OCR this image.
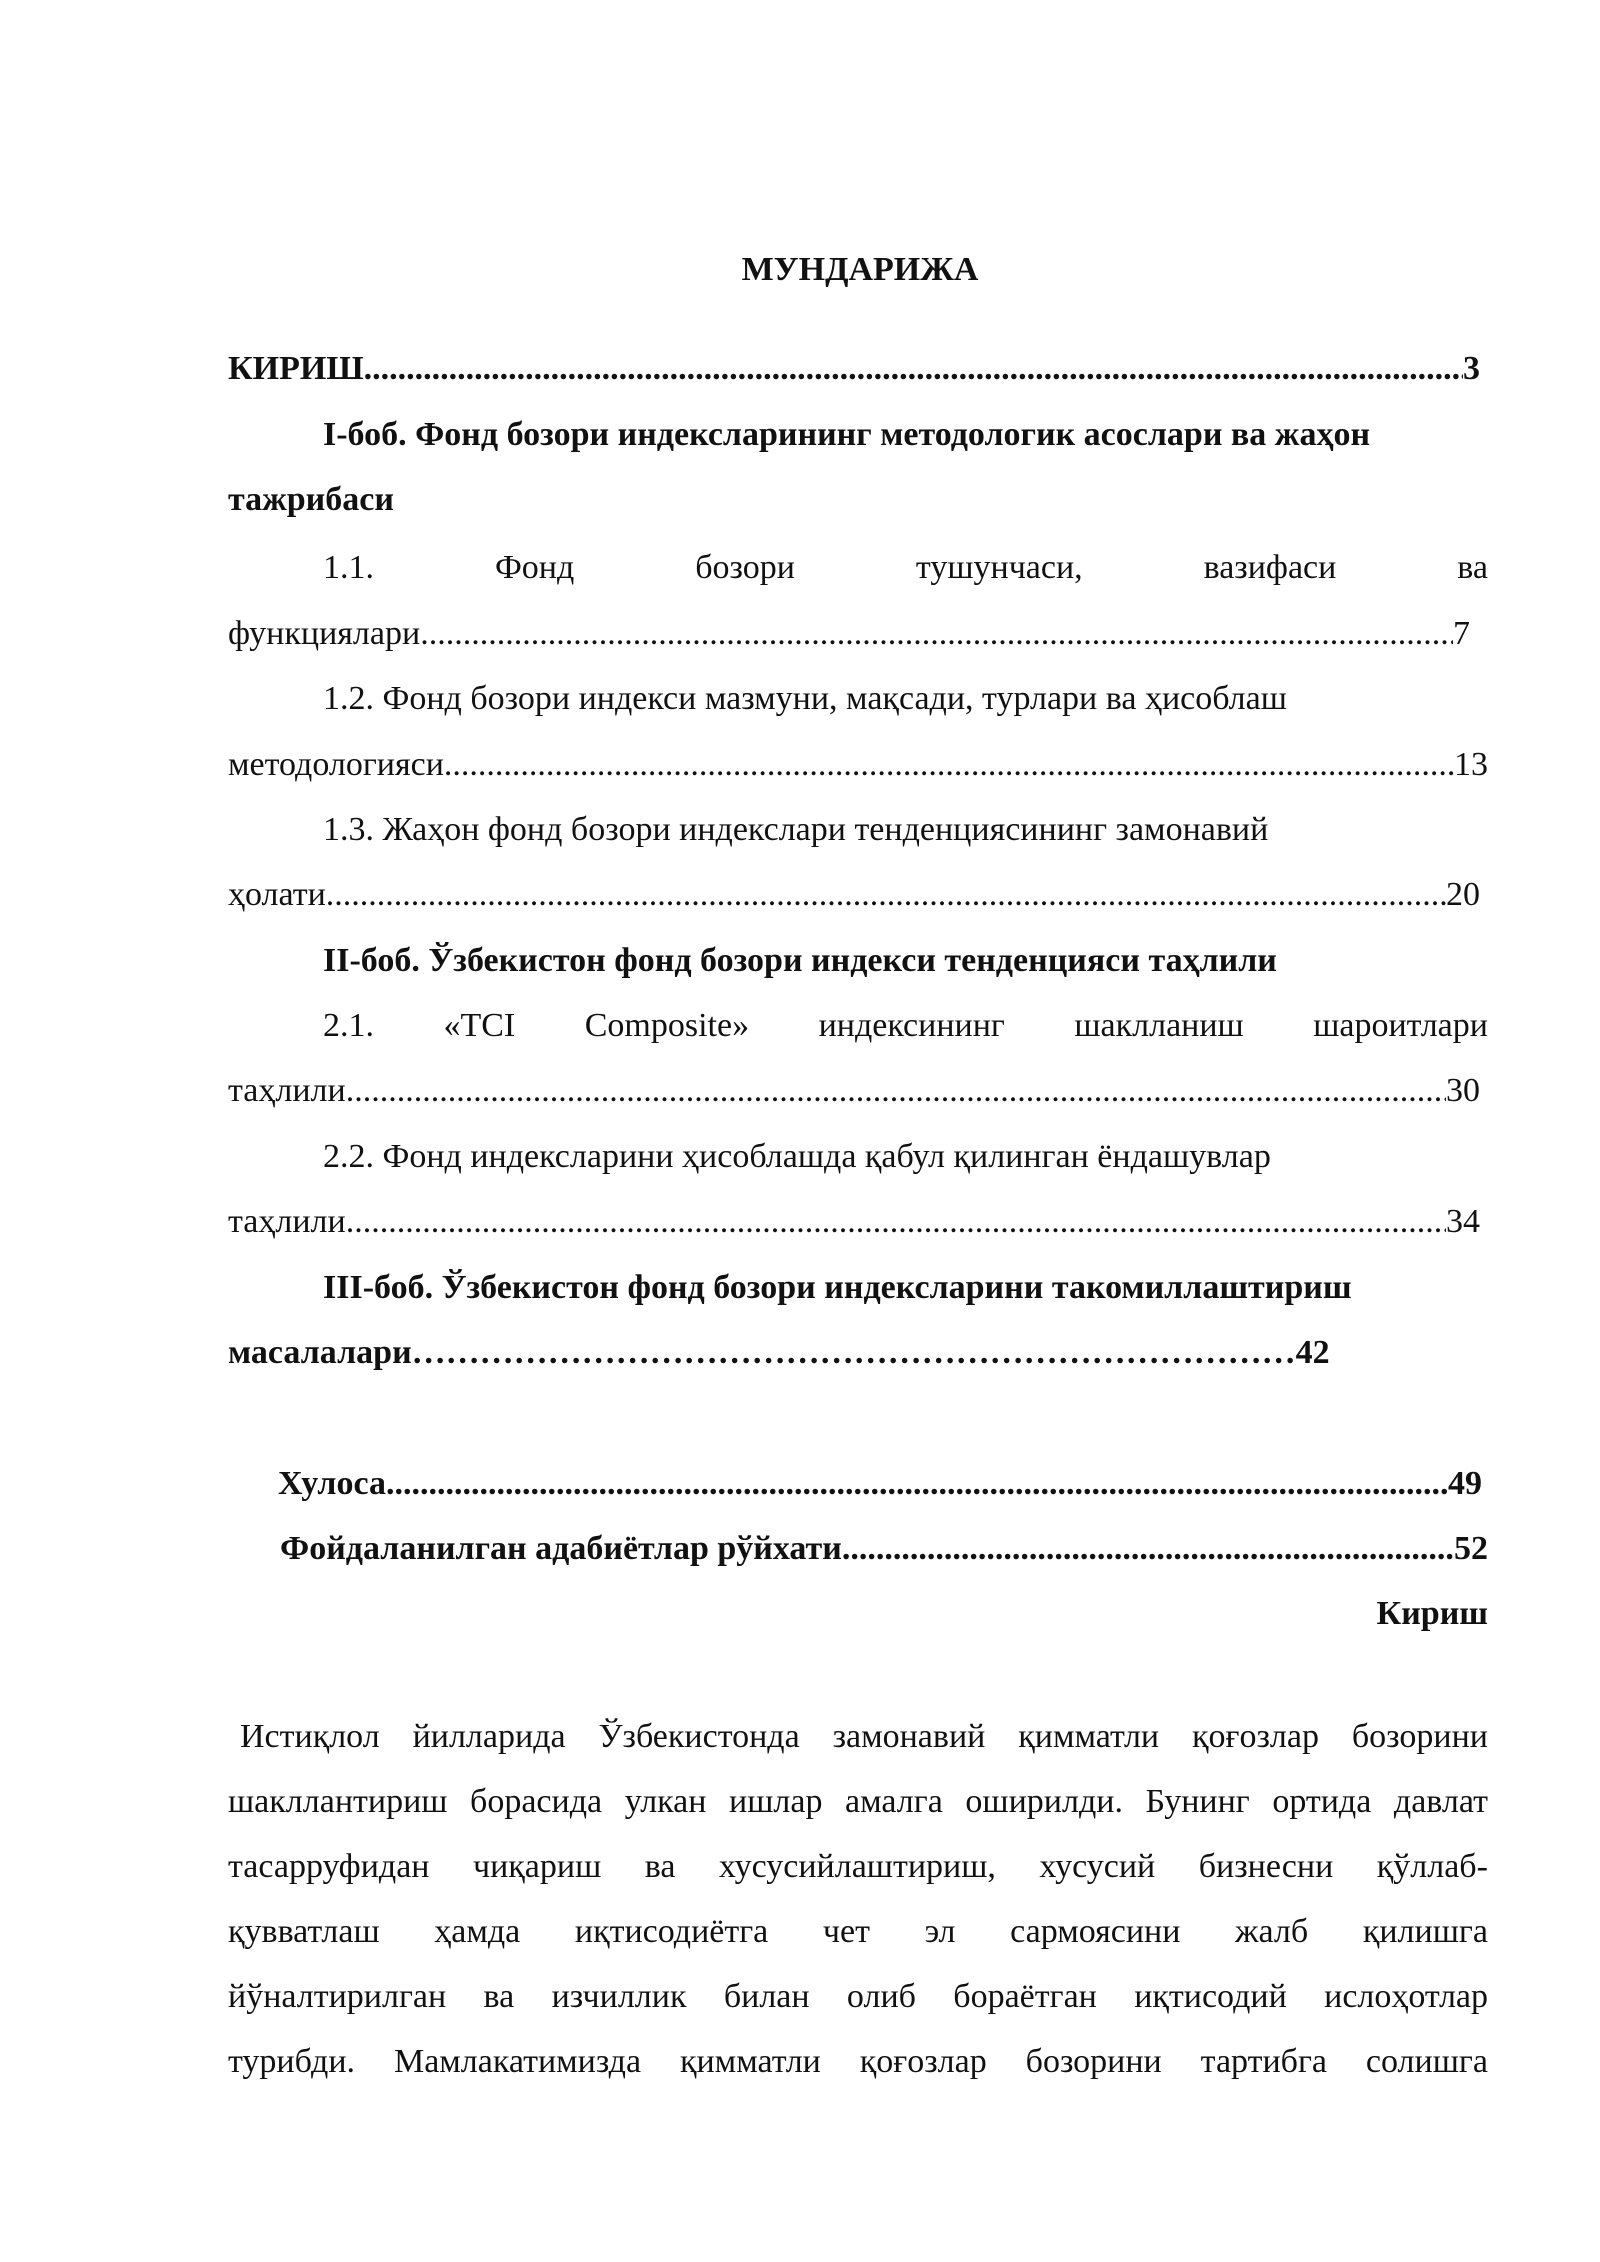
МУНДАРИЖА
КИРИШ .....	3
I-боб. Фонд бозори индексларининг методологик асослари ва жаҳон
тажрибаси
1.1.	Фонд	бозори	тушунчаси,	вазифаси	ва
функциялари .....	7
1.2. Фонд бозори индекси мазмуни, мақсади, турлари ва ҳисоблаш
методологияси .....	13
1.3. Жаҳон фонд бозори индекслари тенденциясининг замонавий
ҳолати .....	20
II-боб. Ўзбекистон фонд бозори индекси тенденцияси таҳлили
2.1. «TCI Composite» индексининг шаклланиш шароитлари
таҳлили .....	30
2.2. Фонд индексларини ҳисоблашда қабул қилинган ёндашувлар
таҳлили .....	34
III-боб. Ўзбекистон фонд бозори индексларини такомиллаштириш
масалалари……………………………………………………………………42
Хулоса .....	49
Фойдаланилган адабиётлар рўйхати .....	52
Кириш
Истиқлол йилларида Ўзбекистонда замонавий қимматли қоғозлар бозорини
шакллантириш борасида улкан ишлар амалга оширилди. Бунинг ортида давлат
тасарруфидан чиқариш ва хусусийлаштириш, хусусий бизнесни қўллаб-
қувватлаш ҳамда иқтисодиётга чет эл сармоясини жалб қилишга
йўналтирилган ва изчиллик билан олиб бораётган иқтисодий ислоҳотлар
турибди. Мамлакатимизда қимматли қоғозлар бозорини тартибга солишга
